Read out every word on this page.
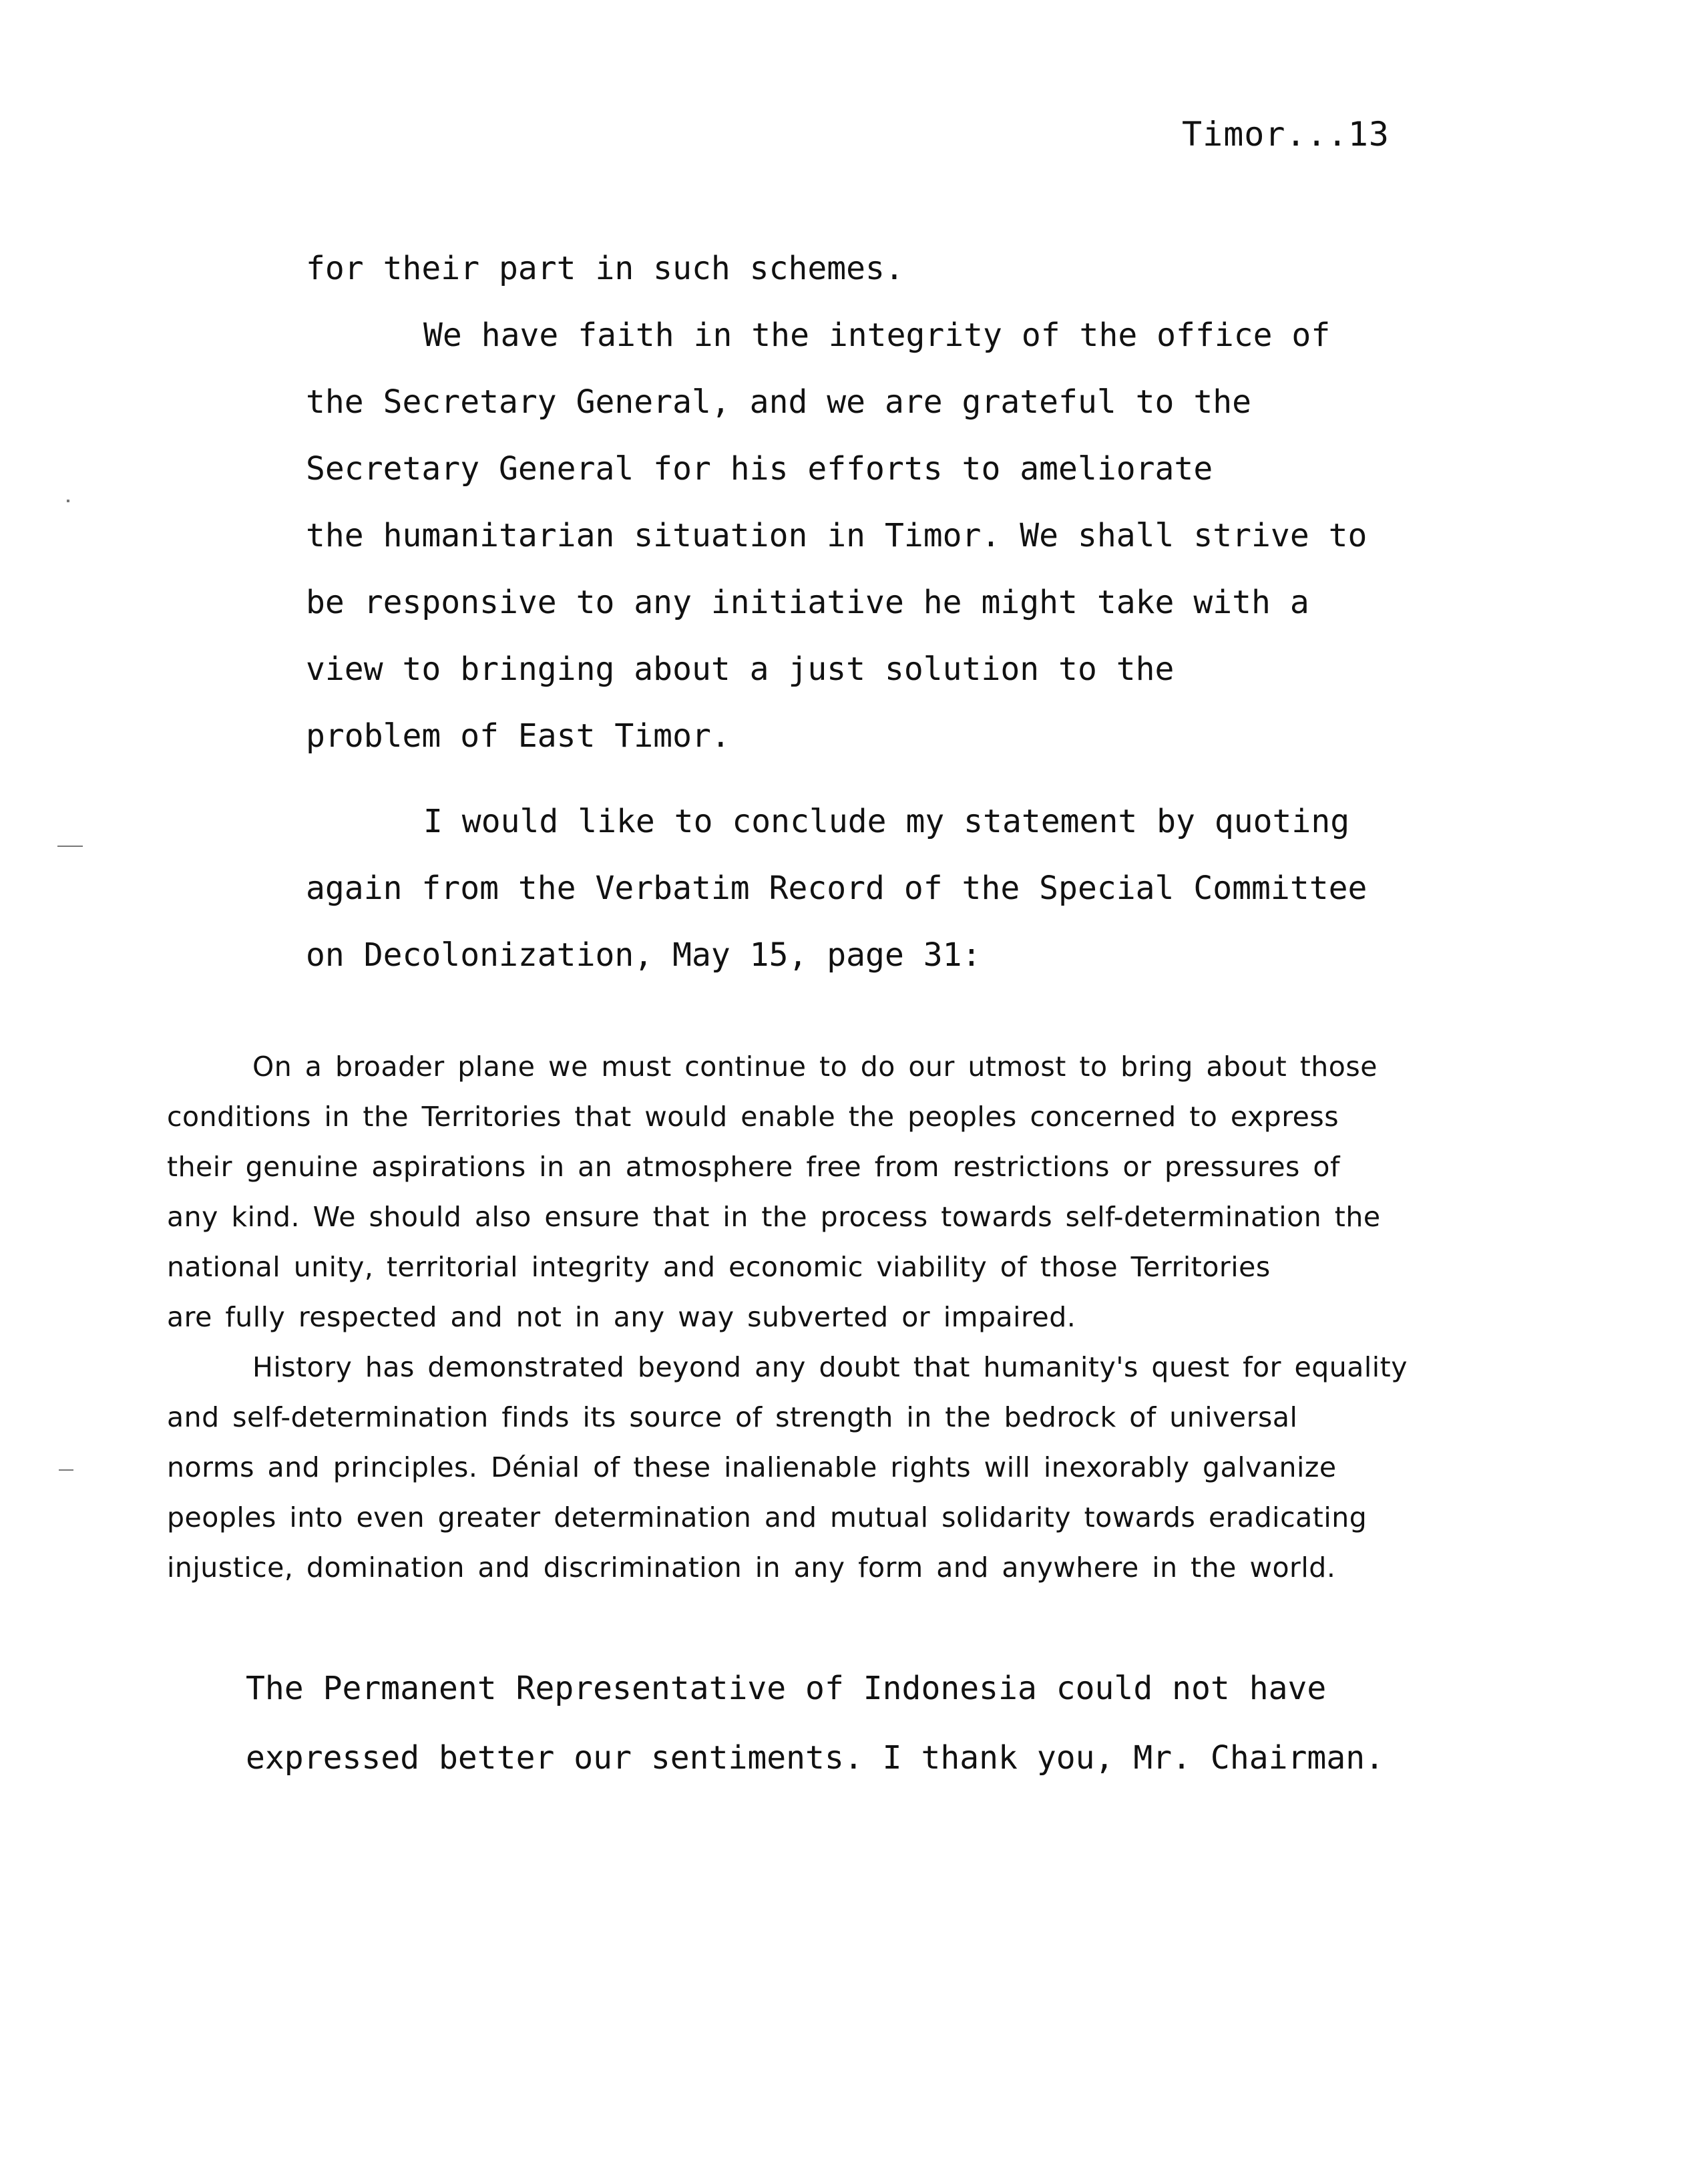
Timor...13
for their part in such schemes.
We have faith in the integrity of the office of
the Secretary General, and we are grateful to the
Secretary General for his efforts to ameliorate
the humanitarian situation in Timor. We shall strive to
be responsive to any initiative he might take with a
view to bringing about a just solution to the
problem of East Timor.
I would like to conclude my statement by quoting
again from the Verbatim Record of the Special Committee
on Decolonization, May 15, page 31:

On a broader plane we must continue to do our utmost to bring about those
conditions in the Territories that would enable the peoples concerned to express
their genuine aspirations in an atmosphere free from restrictions or pressures of
any kind. We should also ensure that in the process towards self-determination the
national unity, territorial integrity and economic viability of those Territories
are fully respected and not in any way subverted or impaired.

History has demonstrated beyond any doubt that humanity's quest for equality
and self-determination finds its source of strength in the bedrock of universal
norms and principles. Dénial of these inalienable rights will inexorably galvanize
peoples into even greater determination and mutual solidarity towards eradicating
injustice, domination and discrimination in any form and anywhere in the world.

The Permanent Representative of Indonesia could not have
expressed better our sentiments. I thank you, Mr. Chairman.
